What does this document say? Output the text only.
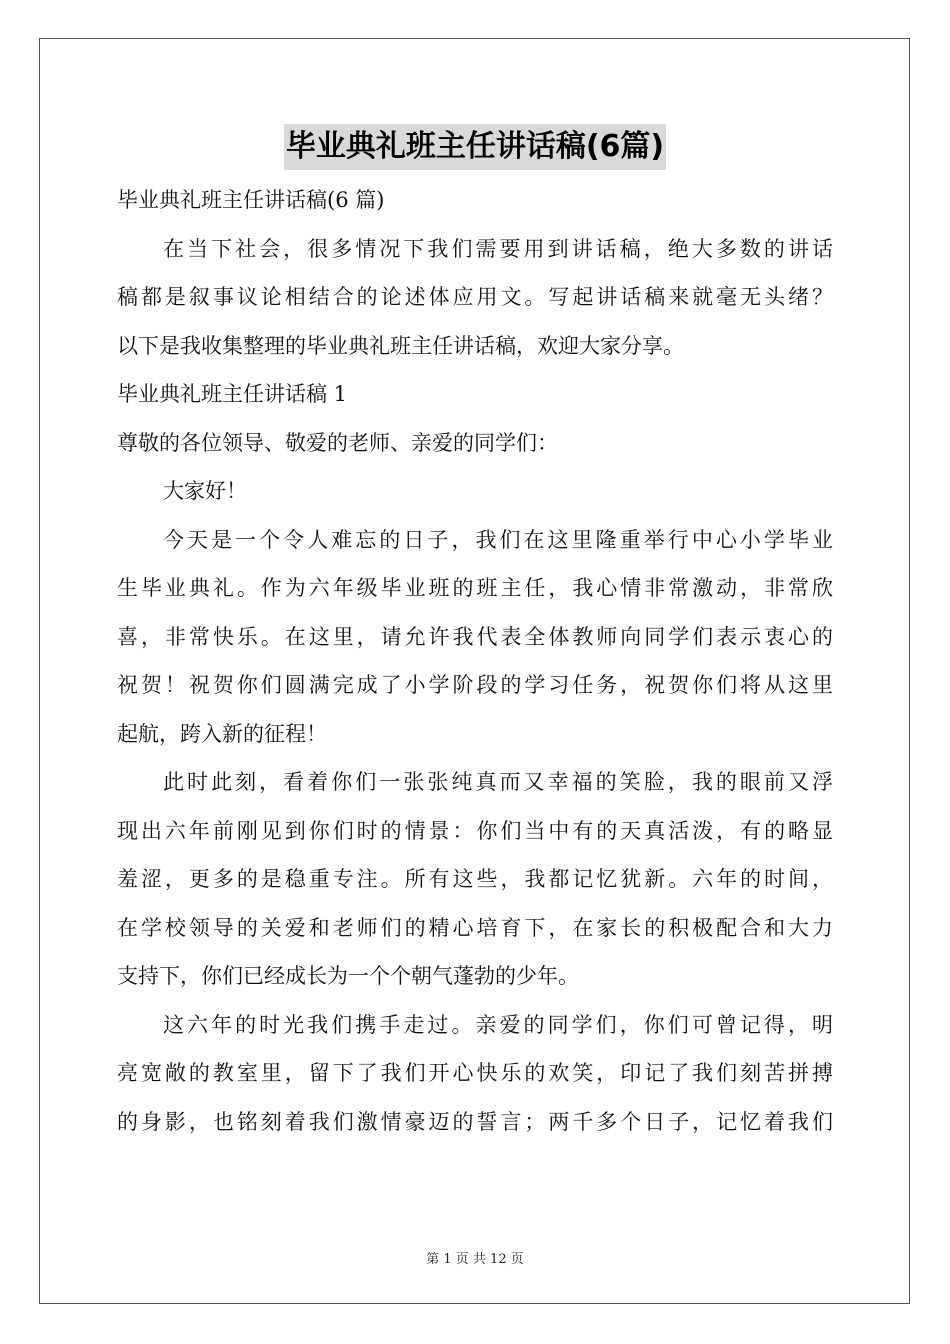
毕业典礼班主任讲话稿(6篇)
毕业典礼班主任讲话稿(6 篇)
在当下社会，很多情况下我们需要用到讲话稿，绝大多数的讲话
稿都是叙事议论相结合的论述体应用文。写起讲话稿来就毫无头绪？
以下是我收集整理的毕业典礼班主任讲话稿，欢迎大家分享。
毕业典礼班主任讲话稿 1
尊敬的各位领导、敬爱的老师、亲爱的同学们：
大家好！
今天是一个令人难忘的日子，我们在这里隆重举行中心小学毕业
生毕业典礼。作为六年级毕业班的班主任，我心情非常激动，非常欣
喜，非常快乐。在这里，请允许我代表全体教师向同学们表示衷心的
祝贺！祝贺你们圆满完成了小学阶段的学习任务，祝贺你们将从这里
起航，跨入新的征程！
此时此刻，看着你们一张张纯真而又幸福的笑脸，我的眼前又浮
现出六年前刚见到你们时的情景：你们当中有的天真活泼，有的略显
羞涩，更多的是稳重专注。所有这些，我都记忆犹新。六年的时间，
在学校领导的关爱和老师们的精心培育下，在家长的积极配合和大力
支持下，你们已经成长为一个个朝气蓬勃的少年。
这六年的时光我们携手走过。亲爱的同学们，你们可曾记得，明
亮宽敞的教室里，留下了我们开心快乐的欢笑，印记了我们刻苦拼搏
的身影，也铭刻着我们激情豪迈的誓言；两千多个日子，记忆着我们
第 1 页 共 12 页
